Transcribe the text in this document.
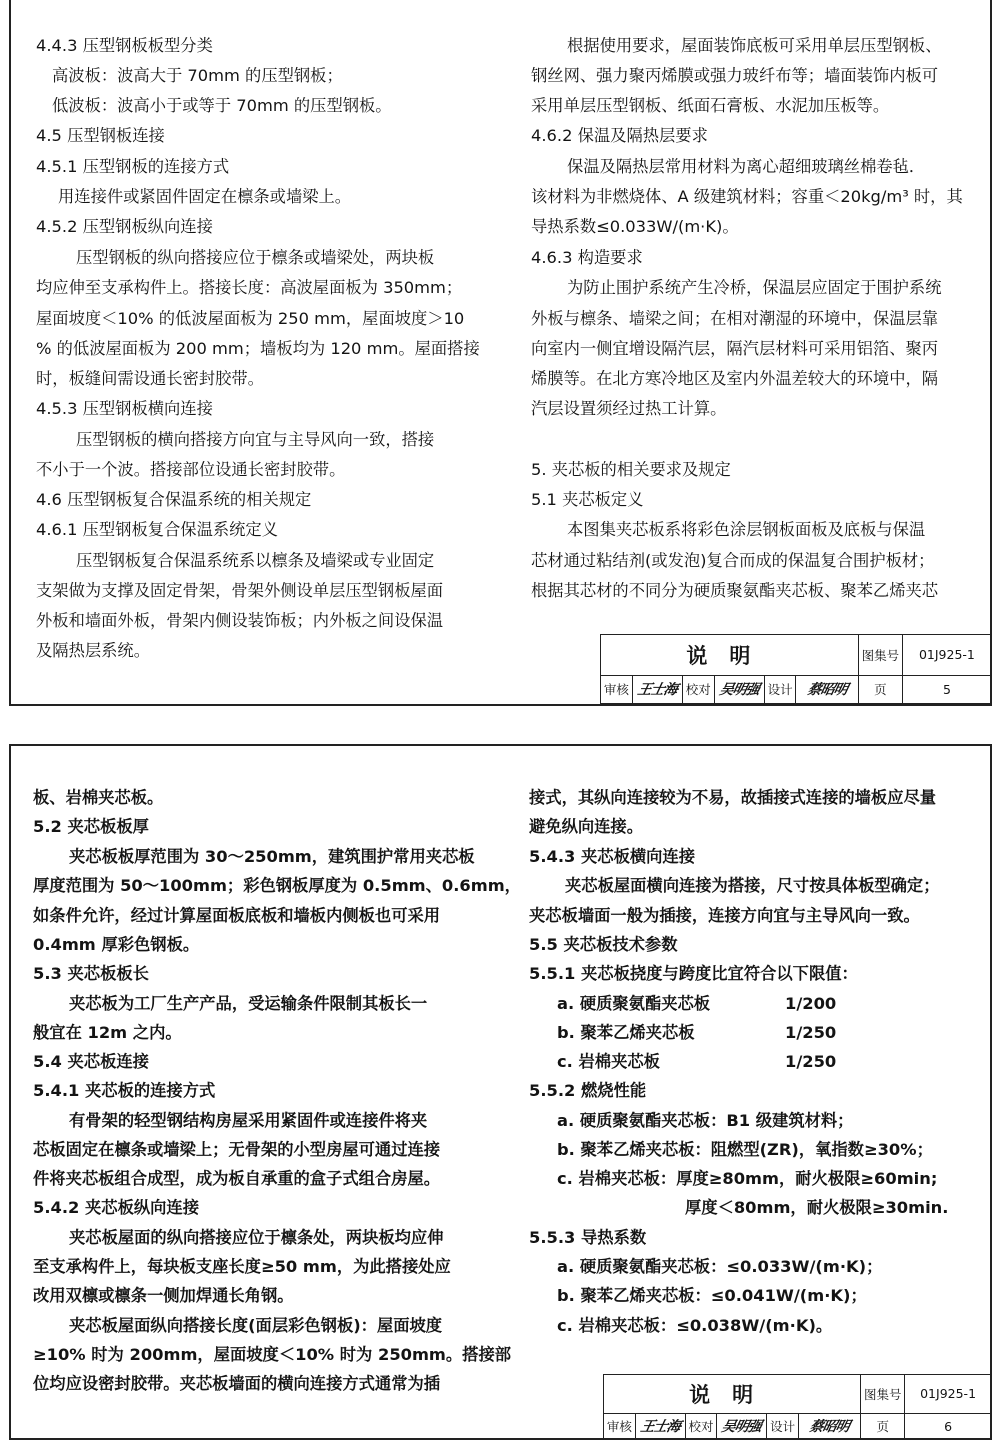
4.4.3 压型钢板板型分类
高波板：波高大于 70mm 的压型钢板；
低波板：波高小于或等于 70mm 的压型钢板。
4.5 压型钢板连接
4.5.1 压型钢板的连接方式
用连接件或紧固件固定在檩条或墙梁上。
4.5.2 压型钢板纵向连接
压型钢板的纵向搭接应位于檩条或墙梁处，两块板
均应伸至支承构件上。搭接长度：高波屋面板为 350mm；
屋面坡度＜10% 的低波屋面板为 250 mm，屋面坡度＞10
% 的低波屋面板为 200 mm；墙板均为 120 mm。屋面搭接
时，板缝间需设通长密封胶带。
4.5.3 压型钢板横向连接
压型钢板的横向搭接方向宜与主导风向一致，搭接
不小于一个波。搭接部位设通长密封胶带。
4.6 压型钢板复合保温系统的相关规定
4.6.1 压型钢板复合保温系统定义
压型钢板复合保温系统系以檩条及墙梁或专业固定
支架做为支撑及固定骨架，骨架外侧设单层压型钢板屋面
外板和墙面外板，骨架内侧设装饰板；内外板之间设保温
及隔热层系统。
根据使用要求，屋面装饰底板可采用单层压型钢板、
钢丝网、强力聚丙烯膜或强力玻纤布等；墙面装饰内板可
采用单层压型钢板、纸面石膏板、水泥加压板等。
4.6.2 保温及隔热层要求
保温及隔热层常用材料为离心超细玻璃丝棉卷毡．
该材料为非燃烧体、A 级建筑材料；容重＜20kg/m³ 时，其
导热系数≤0.033W/(m·K)。
4.6.3 构造要求
为防止围护系统产生冷桥，保温层应固定于围护系统
外板与檩条、墙梁之间；在相对潮湿的环境中，保温层靠
向室内一侧宜增设隔汽层，隔汽层材料可采用铝箔、聚丙
烯膜等。在北方寒冷地区及室内外温差较大的环境中，隔
汽层设置须经过热工计算。
5. 夹芯板的相关要求及规定
5.1 夹芯板定义
本图集夹芯板系将彩色涂层钢板面板及底板与保温
芯材通过粘结剂(或发泡)复合而成的保温复合围护板材；
根据其芯材的不同分为硬质聚氨酯夹芯板、聚苯乙烯夹芯
说明						图集号	01J925-1
审核	王士海	校对	吴明强	设计	蔡昭明	页	5
板、岩棉夹芯板。
5.2 夹芯板板厚
夹芯板板厚范围为 30～250mm，建筑围护常用夹芯板
厚度范围为 50～100mm；彩色钢板厚度为 0.5mm、0.6mm，
如条件允许，经过计算屋面板底板和墙板内侧板也可采用
0.4mm 厚彩色钢板。
5.3 夹芯板板长
夹芯板为工厂生产产品，受运输条件限制其板长一
般宜在 12m 之内。
5.4 夹芯板连接
5.4.1 夹芯板的连接方式
有骨架的轻型钢结构房屋采用紧固件或连接件将夹
芯板固定在檩条或墙梁上；无骨架的小型房屋可通过连接
件将夹芯板组合成型，成为板自承重的盒子式组合房屋。
5.4.2 夹芯板纵向连接
夹芯板屋面的纵向搭接应位于檩条处，两块板均应伸
至支承构件上，每块板支座长度≥50 mm，为此搭接处应
改用双檩或檩条一侧加焊通长角钢。
夹芯板屋面纵向搭接长度(面层彩色钢板)：屋面坡度
≥10% 时为 200mm，屋面坡度＜10% 时为 250mm。搭接部
位均应设密封胶带。夹芯板墙面的横向连接方式通常为插
接式，其纵向连接较为不易，故插接式连接的墙板应尽量
避免纵向连接。
5.4.3 夹芯板横向连接
夹芯板屋面横向连接为搭接，尺寸按具体板型确定；
夹芯板墙面一般为插接，连接方向宜与主导风向一致。
5.5 夹芯板技术参数
5.5.1 夹芯板挠度与跨度比宜符合以下限值：
a. 硬质聚氨酯夹芯板	1/200
b. 聚苯乙烯夹芯板	1/250
c. 岩棉夹芯板	1/250
5.5.2 燃烧性能
a. 硬质聚氨酯夹芯板：B1 级建筑材料；
b. 聚苯乙烯夹芯板：阻燃型(ZR)，氧指数≥30%；
c. 岩棉夹芯板：厚度≥80mm，耐火极限≥60min;
厚度＜80mm，耐火极限≥30min.
5.5.3 导热系数
a. 硬质聚氨酯夹芯板：≤0.033W/(m·K)；
b. 聚苯乙烯夹芯板：≤0.041W/(m·K)；
c. 岩棉夹芯板：≤0.038W/(m·K)。
说明						图集号	01J925-1
审核	王士海	校对	吴明强	设计	蔡昭明	页	6
